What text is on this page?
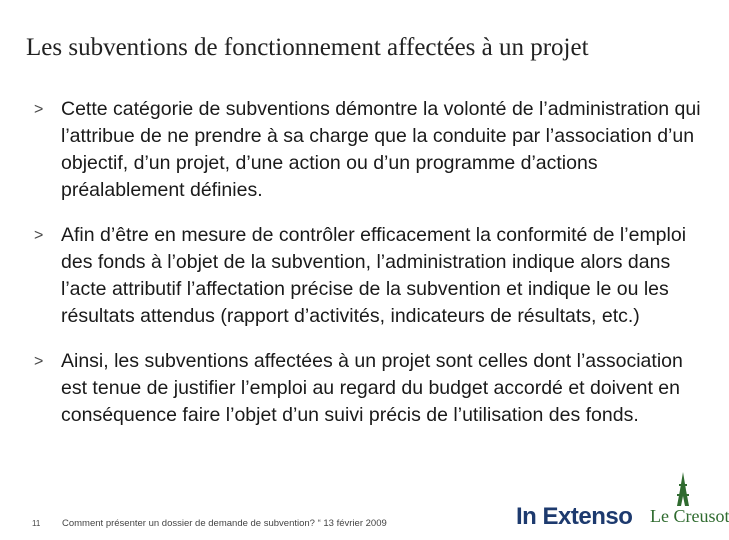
Les subventions de fonctionnement affectées à un projet
> Cette catégorie de subventions démontre la volonté de l’administration qui l’attribue de ne prendre à sa charge que la conduite par l’association d’un objectif, d’un projet, d’une action ou d’un programme d’actions préalablement définies.
> Afin d’être en mesure de contrôler efficacement la conformité de l’emploi des fonds à l’objet de la subvention, l’administration indique alors dans l’acte attributif l’affectation précise de la subvention et indique le ou les résultats attendus (rapport d’activités, indicateurs de résultats, etc.)
> Ainsi, les subventions affectées à un projet sont celles dont l’association est tenue de justifier l’emploi au regard du budget accordé et doivent en conséquence faire l’objet d’un suivi précis de l’utilisation des fonds.
11 Comment présenter un dossier de demande de subvention? “ 13 février 2009	In Extenso Le Creusot
